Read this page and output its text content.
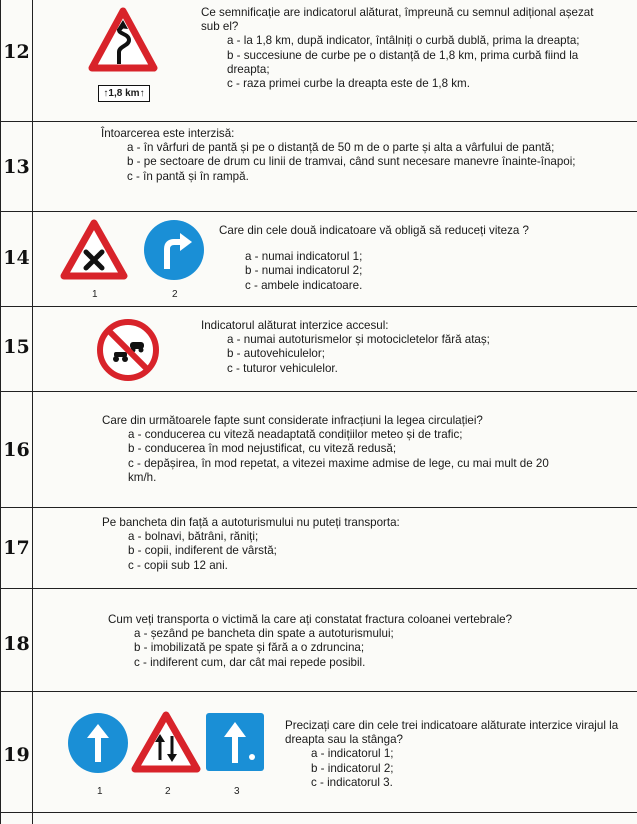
12
↑1,8 km↑

Ce semnificație are indicatorul alăturat, împreună cu semnul adițional așezat sub el?

a - la 1,8 km, după indicator, întâlniți o curbă dublă, prima la dreapta;

b - succesiune de curbe pe o distanță de 1,8 km, prima curbă fiind la dreapta;

c - raza primei curbe la dreapta este de 1,8 km.

13

Întoarcerea este interzisă:

a - în vârfuri de pantă și pe o distanță de 50 m de o parte și alta a vârfului de pantă;

b - pe sectoare de drum cu linii de tramvai, când sunt necesare manevre înainte-înapoi;

c - în pantă și în rampă.

14
1	2

Care din cele două indicatoare vă obligă să reduceți viteza ?

a - numai indicatorul 1;

b - numai indicatorul 2;

c - ambele indicatoare.

15

Indicatorul alăturat interzice accesul:

a - numai autoturismelor și motocicletelor fără ataș;

b - autovehiculelor;

c - tuturor vehiculelor.

16

Care din următoarele fapte sunt considerate infracțiuni la legea circulației?

a - conducerea cu viteză neadaptată condițiilor meteo și de trafic;

b - conducerea în mod nejustificat, cu viteză redusă;

c - depășirea, în mod repetat, a vitezei maxime admise de lege, cu mai mult de 20 km/h.

17

Pe bancheta din față a autoturismului nu puteți transporta:

a - bolnavi, bătrâni, răniți;

b - copii, indiferent de vârstă;

c - copii sub 12 ani.

18

Cum veți transporta o victimă la care ați constatat fractura coloanei vertebrale?

a - șezând pe bancheta din spate a autoturismului;

b - imobilizată pe spate și fără a o zdruncina;

c - indiferent cum, dar cât mai repede posibil.

19
1	2	3

Precizați care din cele trei indicatoare alăturate interzice virajul la dreapta sau la stânga?

a - indicatorul 1;

b - indicatorul 2;

c - indicatorul 3.
